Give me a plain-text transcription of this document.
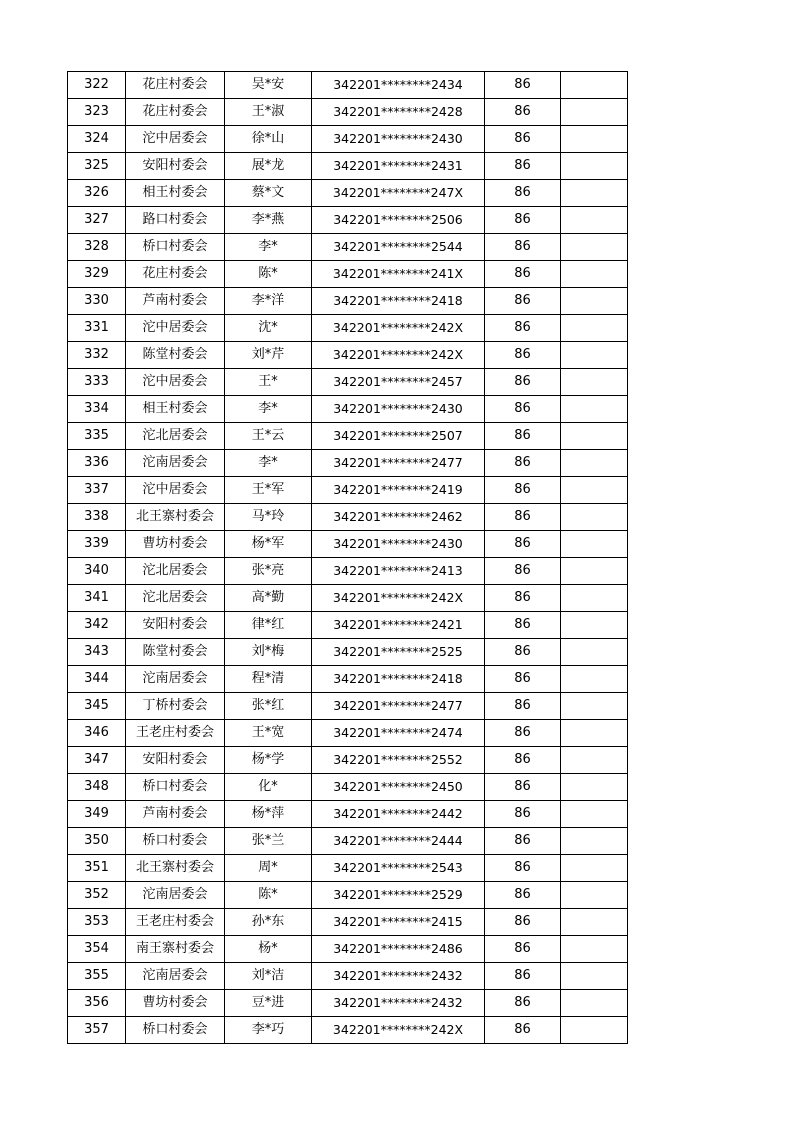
322	花庄村委会	吴*安	342201********2434	86	
323	花庄村委会	王*淑	342201********2428	86	
324	沱中居委会	徐*山	342201********2430	86	
325	安阳村委会	展*龙	342201********2431	86	
326	相王村委会	蔡*文	342201********247X	86	
327	路口村委会	李*燕	342201********2506	86	
328	桥口村委会	李*	342201********2544	86	
329	花庄村委会	陈*	342201********241X	86	
330	芦南村委会	李*洋	342201********2418	86	
331	沱中居委会	沈*	342201********242X	86	
332	陈堂村委会	刘*芹	342201********242X	86	
333	沱中居委会	王*	342201********2457	86	
334	相王村委会	李*	342201********2430	86	
335	沱北居委会	王*云	342201********2507	86	
336	沱南居委会	李*	342201********2477	86	
337	沱中居委会	王*军	342201********2419	86	
338	北王寨村委会	马*玲	342201********2462	86	
339	曹坊村委会	杨*军	342201********2430	86	
340	沱北居委会	张*亮	342201********2413	86	
341	沱北居委会	高*勤	342201********242X	86	
342	安阳村委会	律*红	342201********2421	86	
343	陈堂村委会	刘*梅	342201********2525	86	
344	沱南居委会	程*清	342201********2418	86	
345	丁桥村委会	张*红	342201********2477	86	
346	王老庄村委会	王*宽	342201********2474	86	
347	安阳村委会	杨*学	342201********2552	86	
348	桥口村委会	化*	342201********2450	86	
349	芦南村委会	杨*萍	342201********2442	86	
350	桥口村委会	张*兰	342201********2444	86	
351	北王寨村委会	周*	342201********2543	86	
352	沱南居委会	陈*	342201********2529	86	
353	王老庄村委会	孙*东	342201********2415	86	
354	南王寨村委会	杨*	342201********2486	86	
355	沱南居委会	刘*洁	342201********2432	86	
356	曹坊村委会	豆*进	342201********2432	86	
357	桥口村委会	李*巧	342201********242X	86	
